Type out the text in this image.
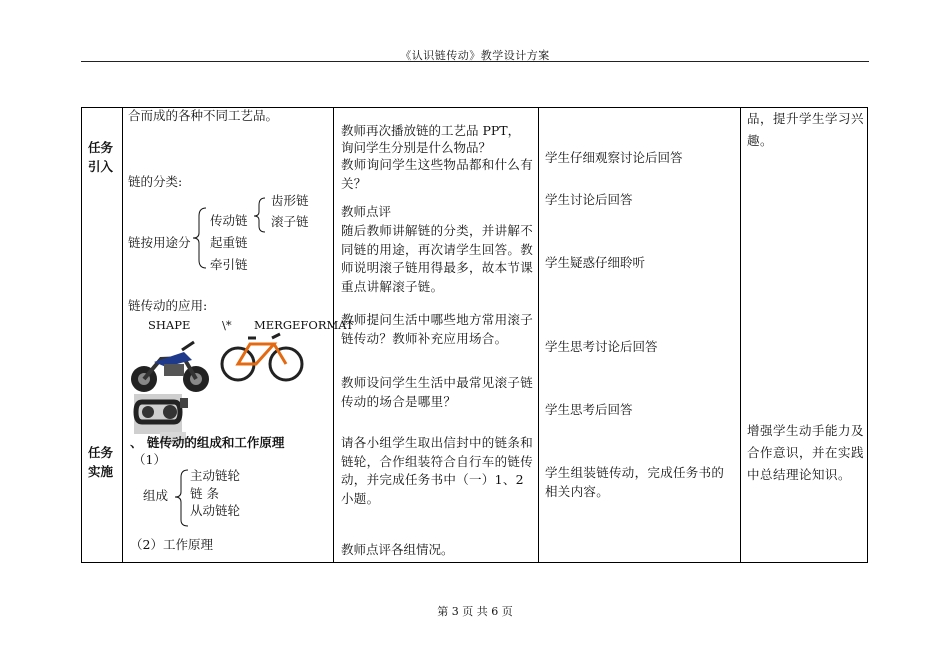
《认识链传动》教学设计方案
任务
引入
任务
实施
合而成的各种不同工艺品。
链的分类:
链按用途分
传动链
起重链
牵引链
齿形链
滚子链
链传动的应用:
SHAPE	\* MERGEFORMAT
、 链传动的组成和工作原理
（1）
组成
主动链轮
链 条
从动链轮
（2）工作原理
教师再次播放链的工艺品 PPT，
询问学生分别是什么物品？
教师询问学生这些物品都和什么有关？
教师点评
随后教师讲解链的分类，并讲解不同链的用途，再次请学生回答。教师说明滚子链用得最多，故本节课重点讲解滚子链。
教师提问生活中哪些地方常用滚子链传动？教师补充应用场合。
教师设问学生生活中最常见滚子链传动的场合是哪里？
请各小组学生取出信封中的链条和链轮，合作组装符合自行车的链传动，并完成任务书中（一）1、2小题。
教师点评各组情况。
学生仔细观察讨论后回答
学生讨论后回答
学生疑惑仔细聆听
学生思考讨论后回答
学生思考后回答
学生组装链传动，完成任务书的相关内容。
品，提升学生学习兴趣。
增强学生动手能力及合作意识，并在实践中总结理论知识。
第 3 页 共 6 页
